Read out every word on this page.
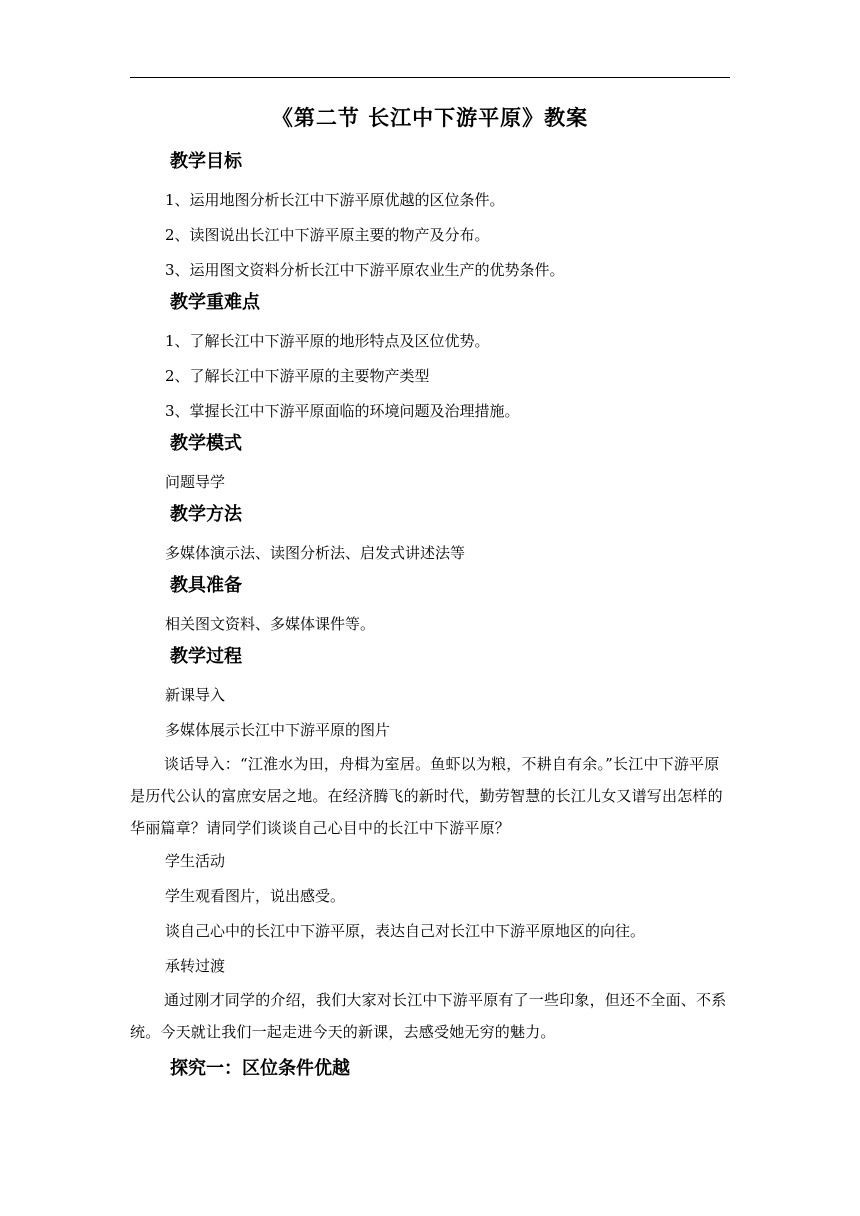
《第二节 长江中下游平原》教案
教学目标
1、运用地图分析长江中下游平原优越的区位条件。
2、读图说出长江中下游平原主要的物产及分布。
3、运用图文资料分析长江中下游平原农业生产的优势条件。
教学重难点
1、了解长江中下游平原的地形特点及区位优势。
2、了解长江中下游平原的主要物产类型
3、掌握长江中下游平原面临的环境问题及治理措施。
教学模式
问题导学
教学方法
多媒体演示法、读图分析法、启发式讲述法等
教具准备
相关图文资料、多媒体课件等。
教学过程
新课导入
多媒体展示长江中下游平原的图片
谈话导入：“江淮水为田，舟楫为室居。鱼虾以为粮，不耕自有余。”长江中下游平原是历代公认的富庶安居之地。在经济腾飞的新时代，勤劳智慧的长江儿女又谱写出怎样的华丽篇章？请同学们谈谈自己心目中的长江中下游平原？
学生活动
学生观看图片，说出感受。
谈自己心中的长江中下游平原，表达自己对长江中下游平原地区的向往。
承转过渡
通过刚才同学的介绍，我们大家对长江中下游平原有了一些印象，但还不全面、不系统。今天就让我们一起走进今天的新课，去感受她无穷的魅力。
探究一：区位条件优越
